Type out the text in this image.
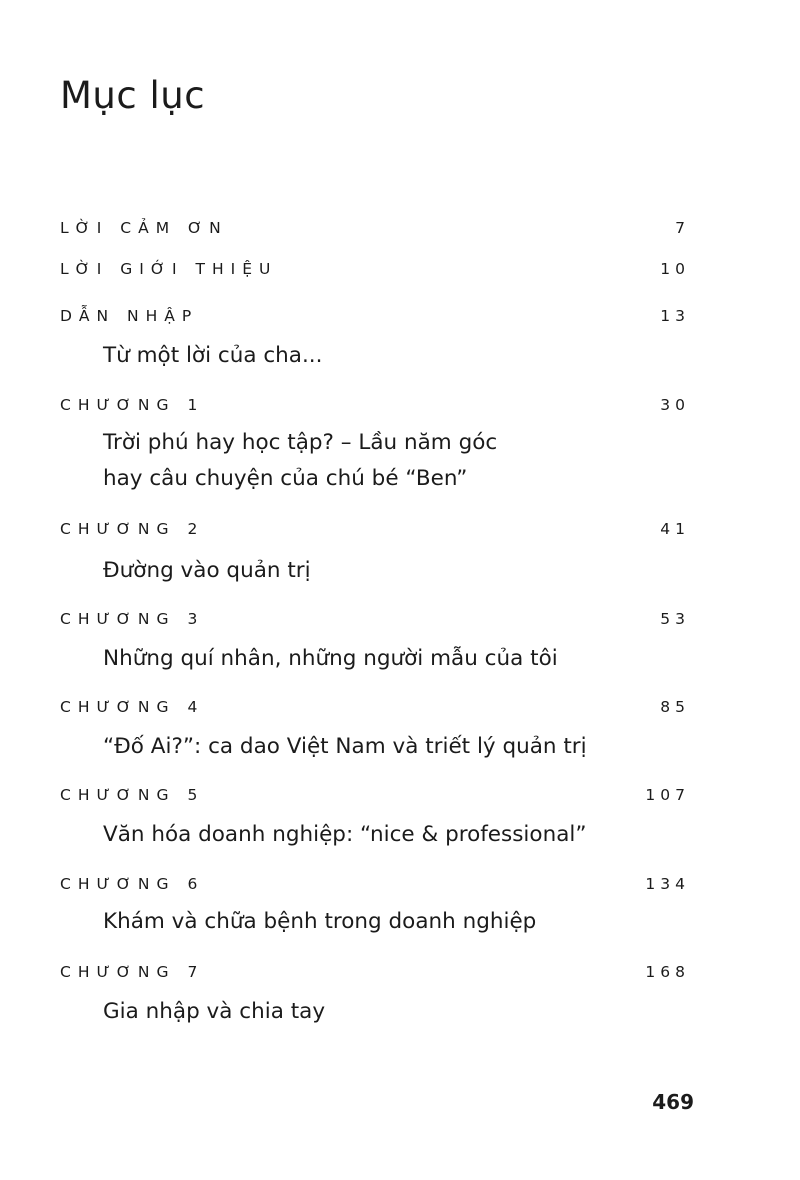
Mục lục
LỜI CẢM ƠN	7
LỜI GIỚI THIỆU	10
DẪN NHẬP	13
Từ một lời của cha...
CHƯƠNG 1	30
Trời phú hay học tập? – Lầu năm góc
hay câu chuyện của chú bé “Ben”
CHƯƠNG 2	41
Đường vào quản trị
CHƯƠNG 3	53
Những quí nhân, những người mẫu của tôi
CHƯƠNG 4	85
“Đố Ai?”: ca dao Việt Nam và triết lý quản trị
CHƯƠNG 5	107
Văn hóa doanh nghiệp: “nice & professional”
CHƯƠNG 6	134
Khám và chữa bệnh trong doanh nghiệp
CHƯƠNG 7	168
Gia nhập và chia tay
469
